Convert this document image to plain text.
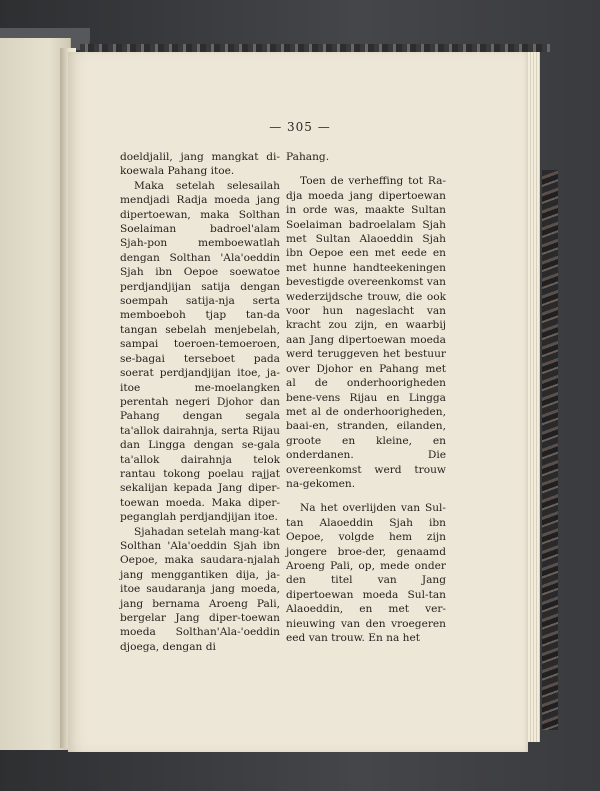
— 305 —

doeldjalil, jang mangkat di-koewala Pahang itoe.

Maka setelah selesailah mendjadi Radja moeda jang dipertoewan, maka Solthan Soelaiman badroel'alam Sjah-pon memboewatlah dengan Solthan 'Ala'oeddin Sjah ibn Oepoe soewatoe perdjandjijan satija dengan soempah satija-nja serta memboeboh tjap tan-da tangan sebelah menjebelah, sampai toeroen-temoeroen, se-bagai terseboet pada soerat perdjandjijan itoe, ja-itoe me-moelangken perentah negeri Djohor dan Pahang dengan segala ta'allok dairahnja, serta Rijau dan Lingga dengan se-gala ta'allok dairahnja telok rantau tokong poelau rajjat sekalijan kepada Jang diper-toewan moeda. Maka diper-peganglah perdjandjijan itoe.

Sjahadan setelah mang-kat Solthan 'Ala'oeddin Sjah ibn Oepoe, maka saudara-njalah jang menggantiken dija, ja-itoe saudaranja jang moeda, jang bernama Aroeng Pali, bergelar Jang diper-toewan moeda Solthan'Ala-'oeddin djoega, dengan di

Pahang.

Toen de verheffing tot Ra-dja moeda jang dipertoewan in orde was, maakte Sultan Soelaiman badroelalam Sjah met Sultan Alaoeddin Sjah ibn Oepoe een met eede en met hunne handteekeningen bevestigde overeenkomst van wederzijdsche trouw, die ook voor hun nageslacht van kracht zou zijn, en waarbij aan Jang dipertoewan moeda werd teruggeven het bestuur over Djohor en Pahang met al de onderhoorigheden bene-vens Rijau en Lingga met al de onderhoorigheden, baai-en, stranden, eilanden, groote en kleine, en onderdanen. Die overeenkomst werd trouw na-gekomen.

Na het overlijden van Sul-tan Alaoeddin Sjah ibn Oepoe, volgde hem zijn jongere broe-der, genaamd Aroeng Pali, op, mede onder den titel van Jang dipertoewan moeda Sul-tan Alaoeddin, en met ver-nieuwing van den vroegeren eed van trouw. En na het
